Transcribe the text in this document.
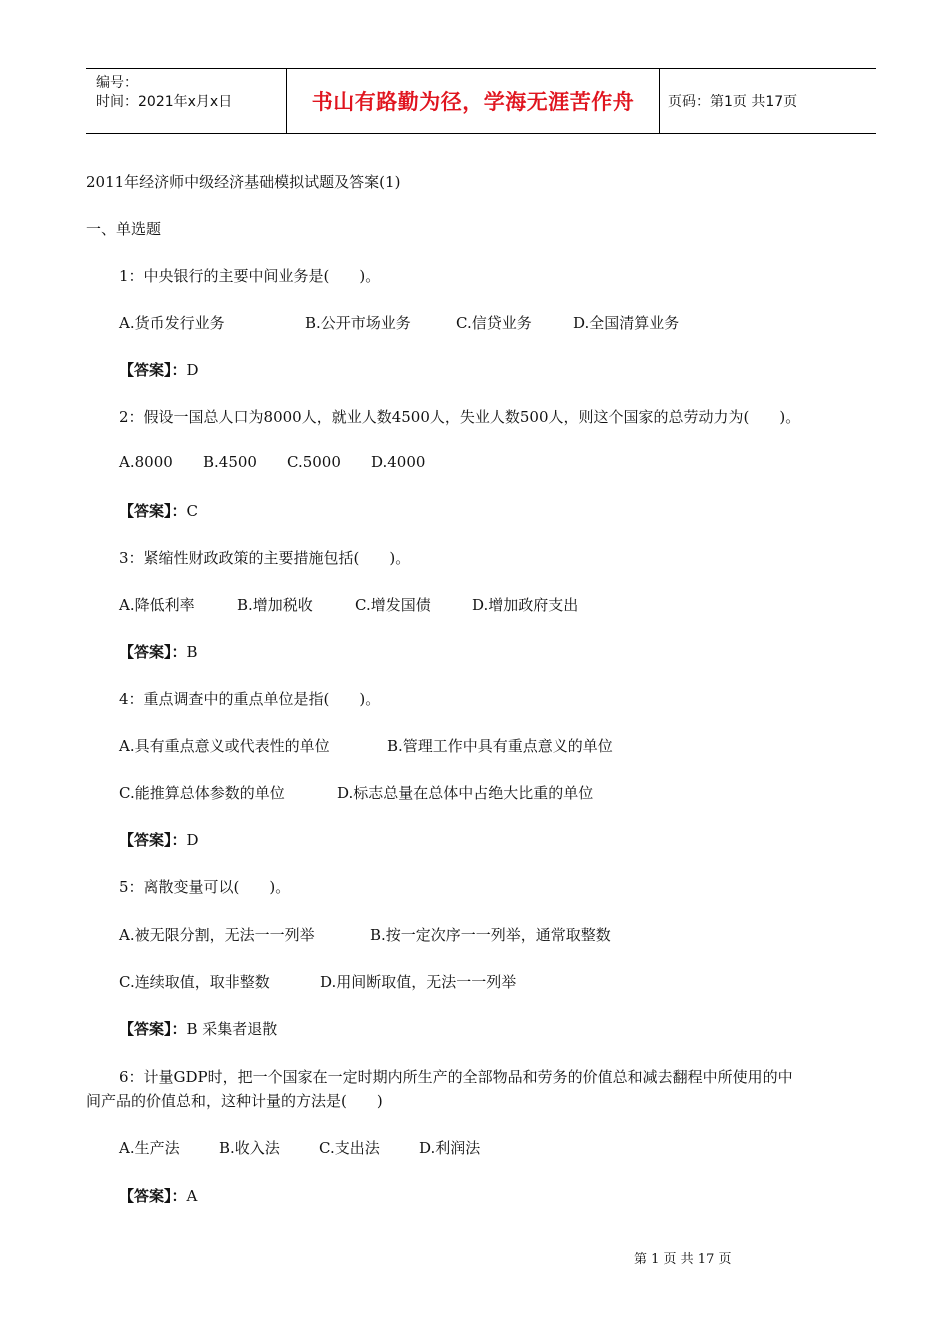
编号：
时间：2021年x月x日	书山有路勤为径，学海无涯苦作舟 页码：第1页 共17页
2011年经济师中级经济基础模拟试题及答案(1)
一、单选题
1：中央银行的主要中间业务是(　　)。
A.货币发行业务	B.公开市场业务	C.信贷业务	D.全国清算业务
【答案】：D
2：假设一国总人口为8000人，就业人数4500人，失业人数500人，则这个国家的总劳动力为(　　)。
A.8000 B.4500 C.5000 D.4000
【答案】：C
3：紧缩性财政政策的主要措施包括(　　)。
A.降低利率	B.增加税收	C.增发国债	D.增加政府支出
【答案】：B
4：重点调查中的重点单位是指(　　)。
A.具有重点意义或代表性的单位	B.管理工作中具有重点意义的单位
C.能推算总体参数的单位	D.标志总量在总体中占绝大比重的单位
【答案】：D
5：离散变量可以(　　)。
A.被无限分割，无法一一列举	B.按一定次序一一列举，通常取整数
C.连续取值，取非整数	D.用间断取值，无法一一列举
【答案】：B 采集者退散
6：计量GDP时，把一个国家在一定时期内所生产的全部物品和劳务的价值总和减去翻程中所使用的中
间产品的价值总和，这种计量的方法是(　　)
A.生产法	B.收入法	C.支出法	D.利润法
【答案】：A
第 1 页 共 17 页
